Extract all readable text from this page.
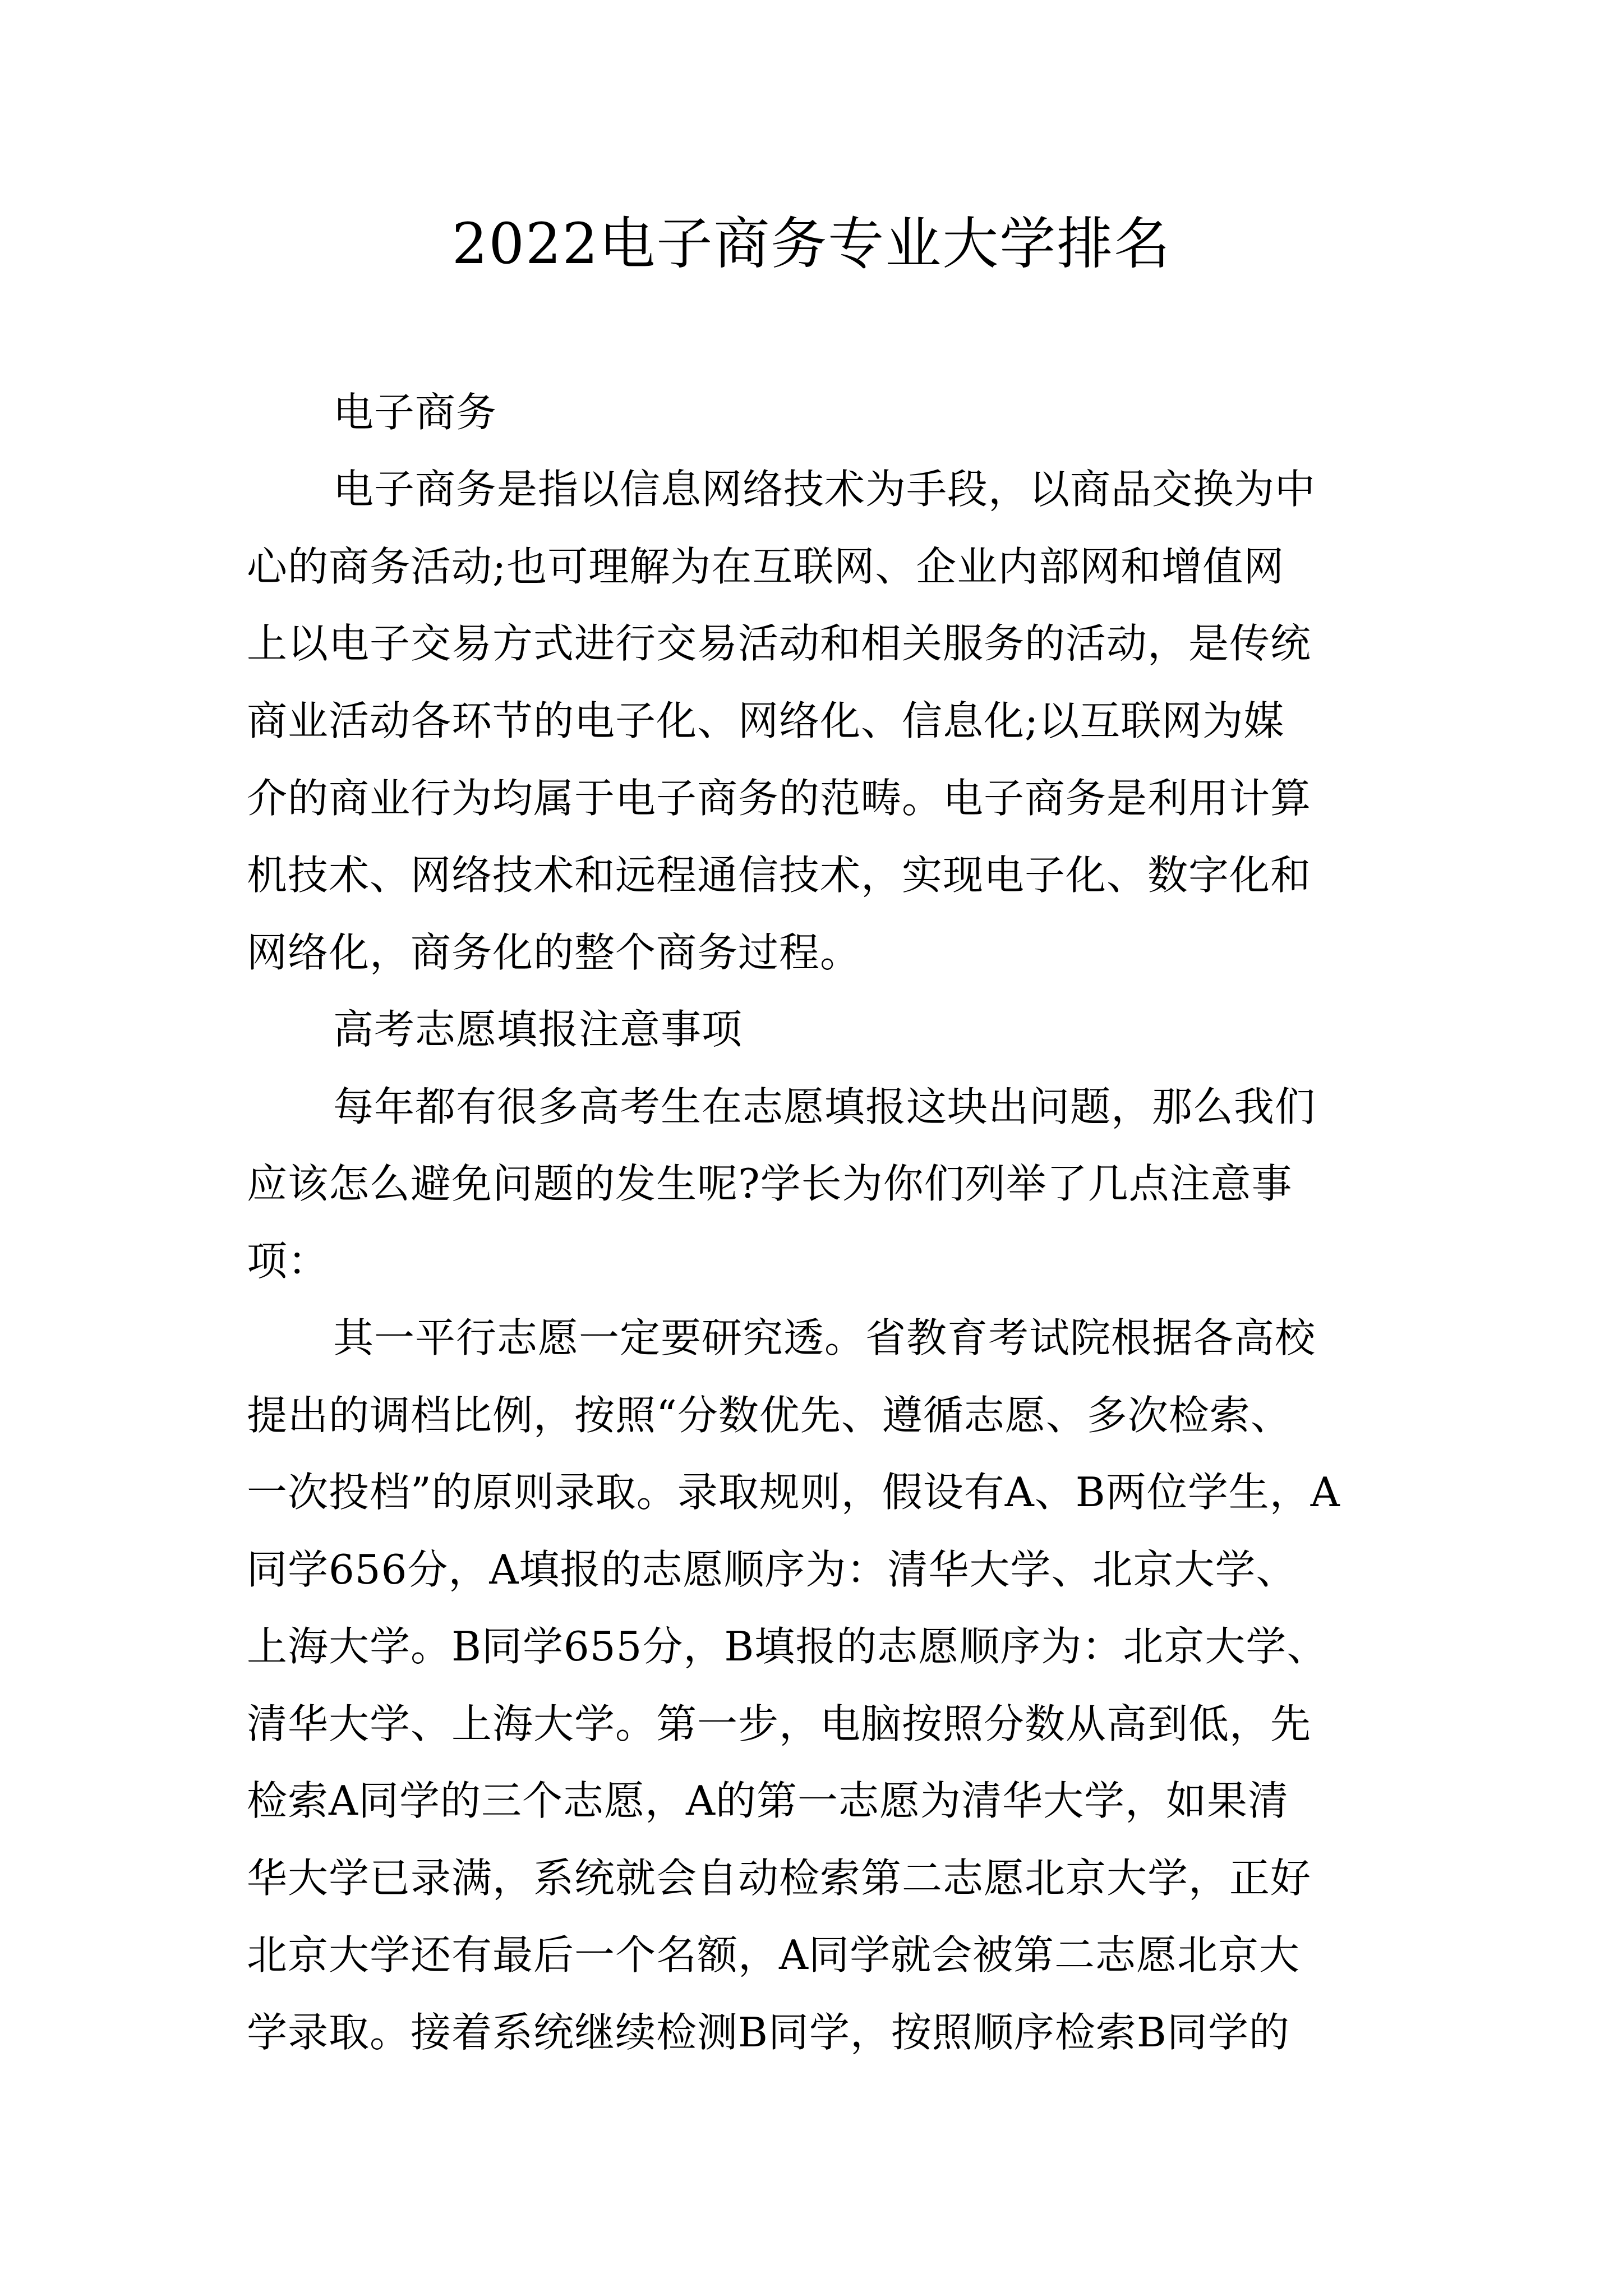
2022电子商务专业大学排名

电子商务

电子商务是指以信息网络技术为手段，以商品交换为中

心的商务活动;也可理解为在互联网、企业内部网和增值网

上以电子交易方式进行交易活动和相关服务的活动，是传统

商业活动各环节的电子化、网络化、信息化;以互联网为媒

介的商业行为均属于电子商务的范畴。电子商务是利用计算

机技术、网络技术和远程通信技术，实现电子化、数字化和

网络化，商务化的整个商务过程。

高考志愿填报注意事项

每年都有很多高考生在志愿填报这块出问题，那么我们

应该怎么避免问题的发生呢?学长为你们列举了几点注意事

项：

其一平行志愿一定要研究透。省教育考试院根据各高校

提出的调档比例，按照“分数优先、遵循志愿、多次检索、

一次投档”的原则录取。录取规则，假设有A、B两位学生，A

同学656分，A填报的志愿顺序为：清华大学、北京大学、

上海大学。B同学655分，B填报的志愿顺序为：北京大学、

清华大学、上海大学。第一步，电脑按照分数从高到低，先

检索A同学的三个志愿，A的第一志愿为清华大学，如果清

华大学已录满，系统就会自动检索第二志愿北京大学，正好

北京大学还有最后一个名额，A同学就会被第二志愿北京大

学录取。接着系统继续检测B同学，按照顺序检索B同学的
